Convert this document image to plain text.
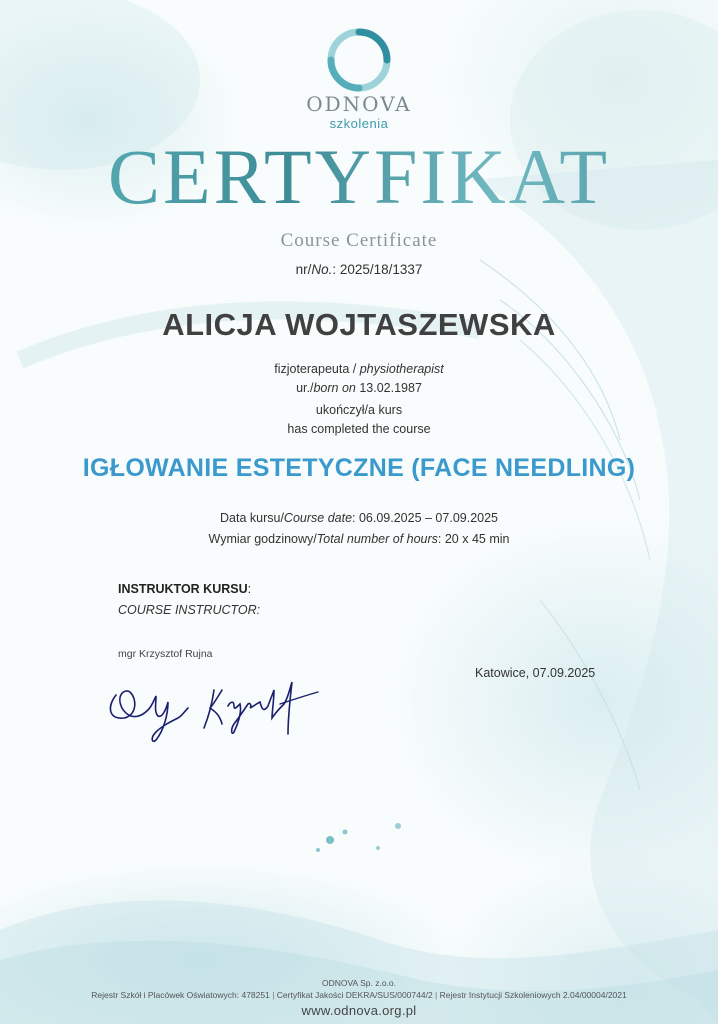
ODNOVA
szkolenia
CERTYFIKAT
Course Certificate
nr/No.: 2025/18/1337
ALICJA WOJTASZEWSKA
fizjoterapeuta / physiotherapist
ur./born on 13.02.1987
ukończył/a kurs
has completed the course
IGŁOWANIE ESTETYCZNE (FACE NEEDLING)
Data kursu/Course date: 06.09.2025 – 07.09.2025
Wymiar godzinowy/Total number of hours: 20 x 45 min
INSTRUKTOR KURSU:
COURSE INSTRUCTOR:
mgr Krzysztof Rujna
Katowice, 07.09.2025
ODNOVA Sp. z.o.o.
Rejestr Szkół i Placówek Oświatowych: 478251 | Certyfikat Jakości DEKRA/SUS/000744/2 | Rejestr Instytucji Szkoleniowych 2.04/00004/2021
www.odnova.org.pl
